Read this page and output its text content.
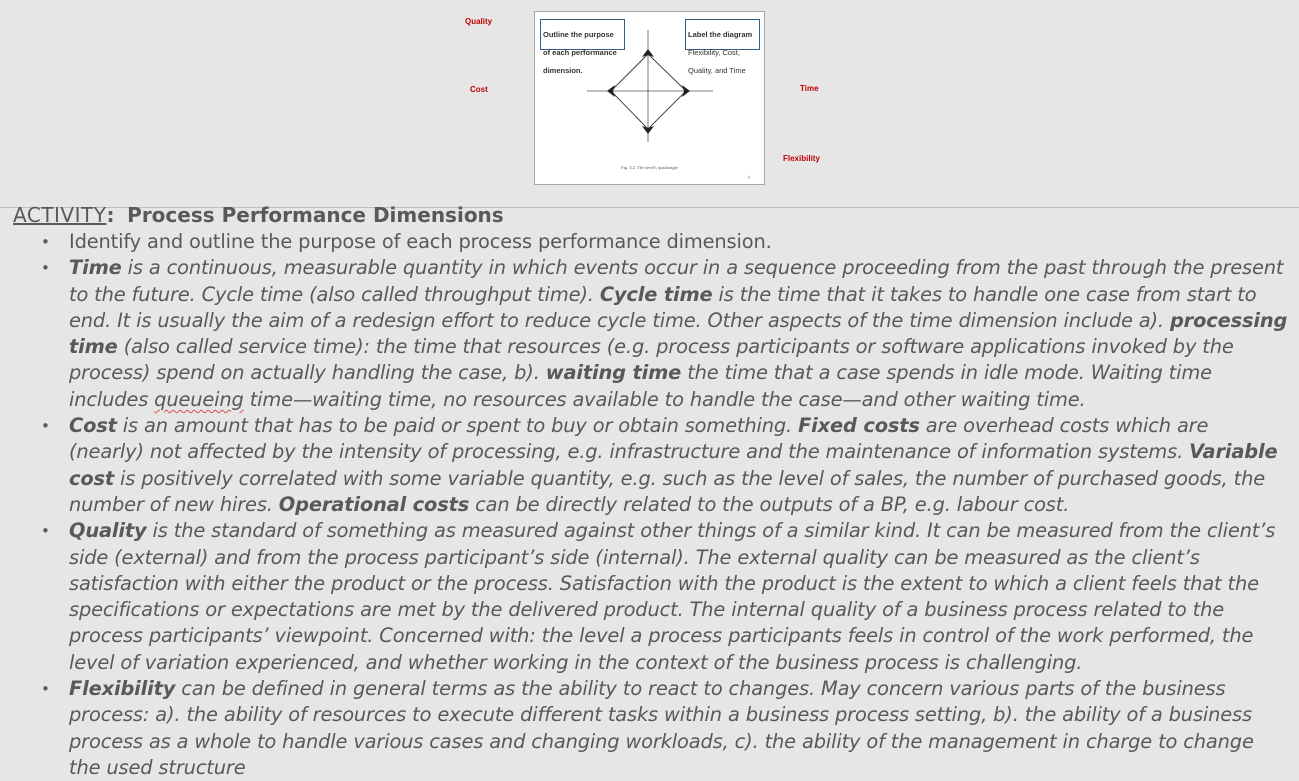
Quality
Cost	Time
Flexibility

Outline the purpose

of each performance

dimension.

Label the diagram

Flexibility, Cost,

Quality, and Time

Fig. 4.2. The devil's quadrangle
4
ACTIVITY: Process Performance Dimensions
• Identify and outline the purpose of each process performance dimension.
• Time is a continuous, measurable quantity in which events occur in a sequence proceeding from the past through the present to the future. Cycle time (also called throughput time). Cycle time is the time that it takes to handle one case from start to end. It is usually the aim of a redesign effort to reduce cycle time. Other aspects of the time dimension include a). processing time (also called service time): the time that resources (e.g. process participants or software applications invoked by the process) spend on actually handling the case, b). waiting time the time that a case spends in idle mode. Waiting time includes queueing time—waiting time, no resources available to handle the case—and other waiting time.
• Cost is an amount that has to be paid or spent to buy or obtain something. Fixed costs are overhead costs which are (nearly) not affected by the intensity of processing, e.g. infrastructure and the maintenance of information systems. Variable cost is positively correlated with some variable quantity, e.g. such as the level of sales, the number of purchased goods, the number of new hires. Operational costs can be directly related to the outputs of a BP, e.g. labour cost.
• Quality is the standard of something as measured against other things of a similar kind. It can be measured from the client’s side (external) and from the process participant’s side (internal). The external quality can be measured as the client’s satisfaction with either the product or the process. Satisfaction with the product is the extent to which a client feels that the specifications or expectations are met by the delivered product. The internal quality of a business process related to the process participants’ viewpoint. Concerned with: the level a process participants feels in control of the work performed, the level of variation experienced, and whether working in the context of the business process is challenging.
• Flexibility can be defined in general terms as the ability to react to changes. May concern various parts of the business process: a). the ability of resources to execute different tasks within a business process setting, b). the ability of a business process as a whole to handle various cases and changing workloads, c). the ability of the management in charge to change the used structure
